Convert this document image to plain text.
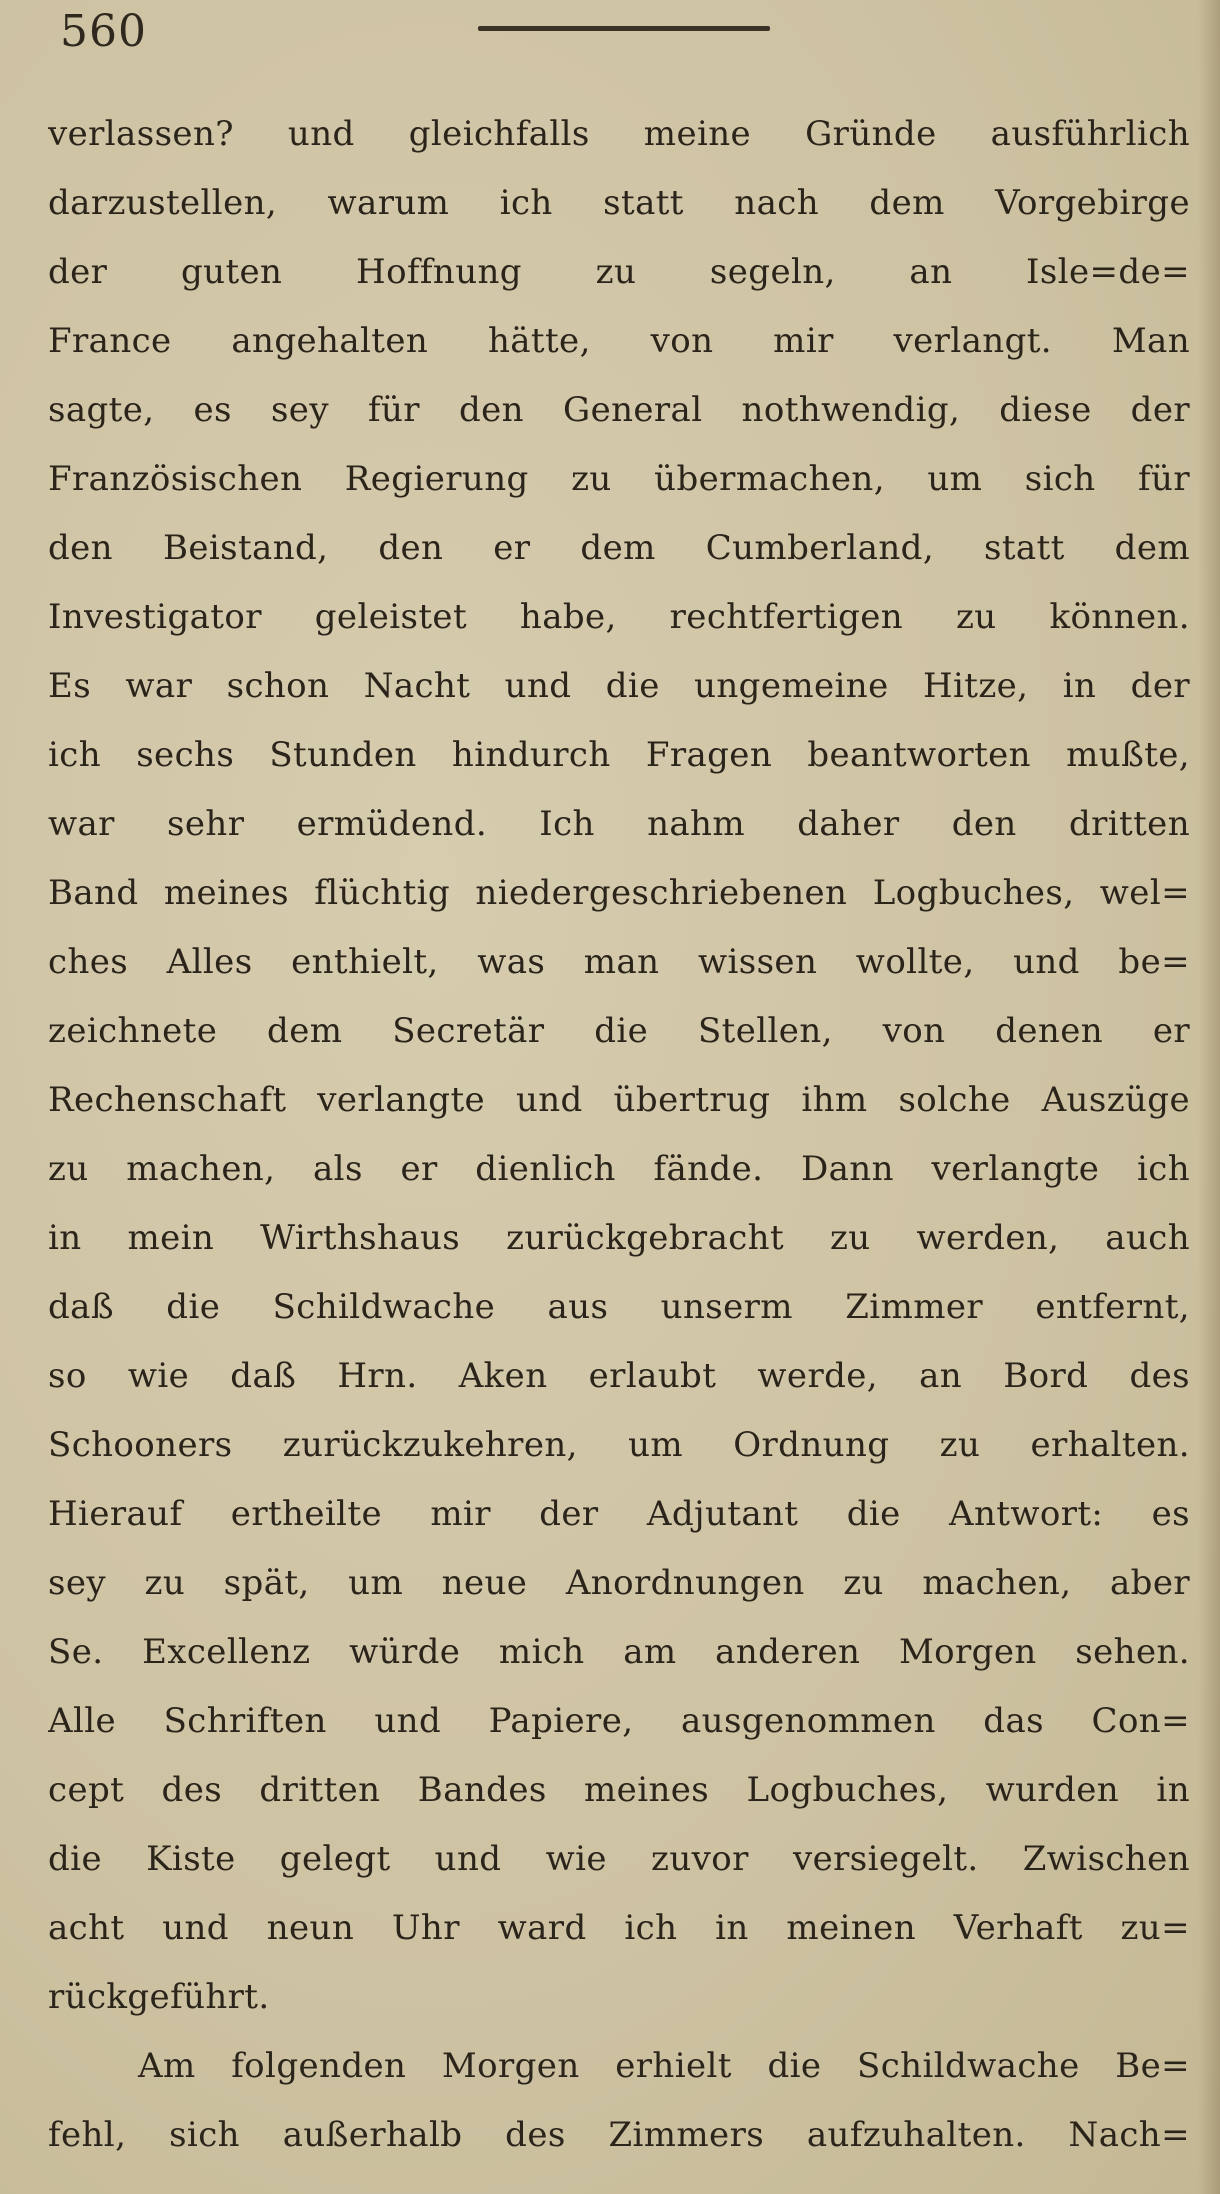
560
verlassen? und gleichfalls meine Gründe ausführlich
darzustellen, warum ich statt nach dem Vorgebirge
der guten Hoffnung zu segeln, an Isle=de=
France angehalten hätte, von mir verlangt. Man
sagte, es sey für den General nothwendig, diese der
Französischen Regierung zu übermachen, um sich für
den Beistand, den er dem Cumberland, statt dem
Investigator geleistet habe, rechtfertigen zu können.
Es war schon Nacht und die ungemeine Hitze, in der
ich sechs Stunden hindurch Fragen beantworten mußte,
war sehr ermüdend. Ich nahm daher den dritten
Band meines flüchtig niedergeschriebenen Logbuches, wel=
ches Alles enthielt, was man wissen wollte, und be=
zeichnete dem Secretär die Stellen, von denen er
Rechenschaft verlangte und übertrug ihm solche Auszüge
zu machen, als er dienlich fände. Dann verlangte ich
in mein Wirthshaus zurückgebracht zu werden, auch
daß die Schildwache aus unserm Zimmer entfernt,
so wie daß Hrn. Aken erlaubt werde, an Bord des
Schooners zurückzukehren, um Ordnung zu erhalten.
Hierauf ertheilte mir der Adjutant die Antwort: es
sey zu spät, um neue Anordnungen zu machen, aber
Se. Excellenz würde mich am anderen Morgen sehen.
Alle Schriften und Papiere, ausgenommen das Con=
cept des dritten Bandes meines Logbuches, wurden in
die Kiste gelegt und wie zuvor versiegelt. Zwischen
acht und neun Uhr ward ich in meinen Verhaft zu=
rückgeführt.
Am folgenden Morgen erhielt die Schildwache Be=
fehl, sich außerhalb des Zimmers aufzuhalten. Nach=
